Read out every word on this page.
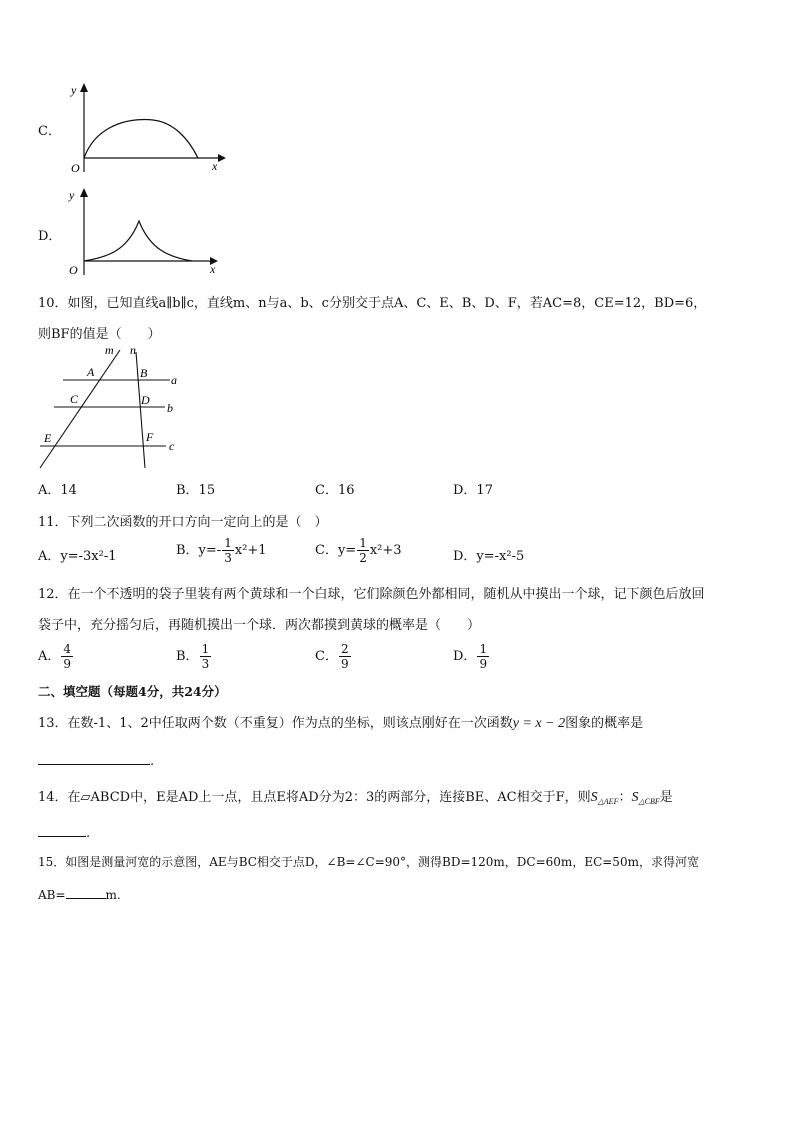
C．
y
x
O
D．
y
x
O
10．如图，已知直线a∥b∥c，直线m、n与a、b、c分别交于点A、C、E、B、D、F，若AC=8，CE=12，BD=6，
则BF的值是（　　）
m n
A	B
C	D
E	F
a
b
c
A．14	B．15	C．16	D．17
11．下列二次函数的开口方向一定向上的是（　）
A．y=-3x²-1	B．$y=- \frac{1}{3} x^2+1$	C．$y= \frac{1}{2} x^2+3$	D．y=-x²-5
12．在一个不透明的袋子里装有两个黄球和一个白球，它们除颜色外都相同，随机从中摸出一个球，记下颜色后放回
袋子中，充分摇匀后，再随机摸出一个球．两次都摸到黄球的概率是（　　）
A． $\frac{4}{9}$	B． $\frac{1}{3}$	C． $\frac{2}{9}$	D． $\frac{1}{9}$
二、填空题（每题4分，共24分）
13．在数-1、1、2中任取两个数（不重复）作为点的坐标，则该点刚好在一次函数y = x − 2图象的概率是
.
14．在▱ABCD中，E是AD上一点，且点E将AD分为2：3的两部分，连接BE、AC相交于F，则$S_{\triangle AEF}$：$S_{\triangle CBF}$是
.
15．如图是测量河宽的示意图，AE与BC相交于点D，∠B=∠C=90°，测得BD=120m，DC=60m，EC=50m，求得河宽
AB=	m.
